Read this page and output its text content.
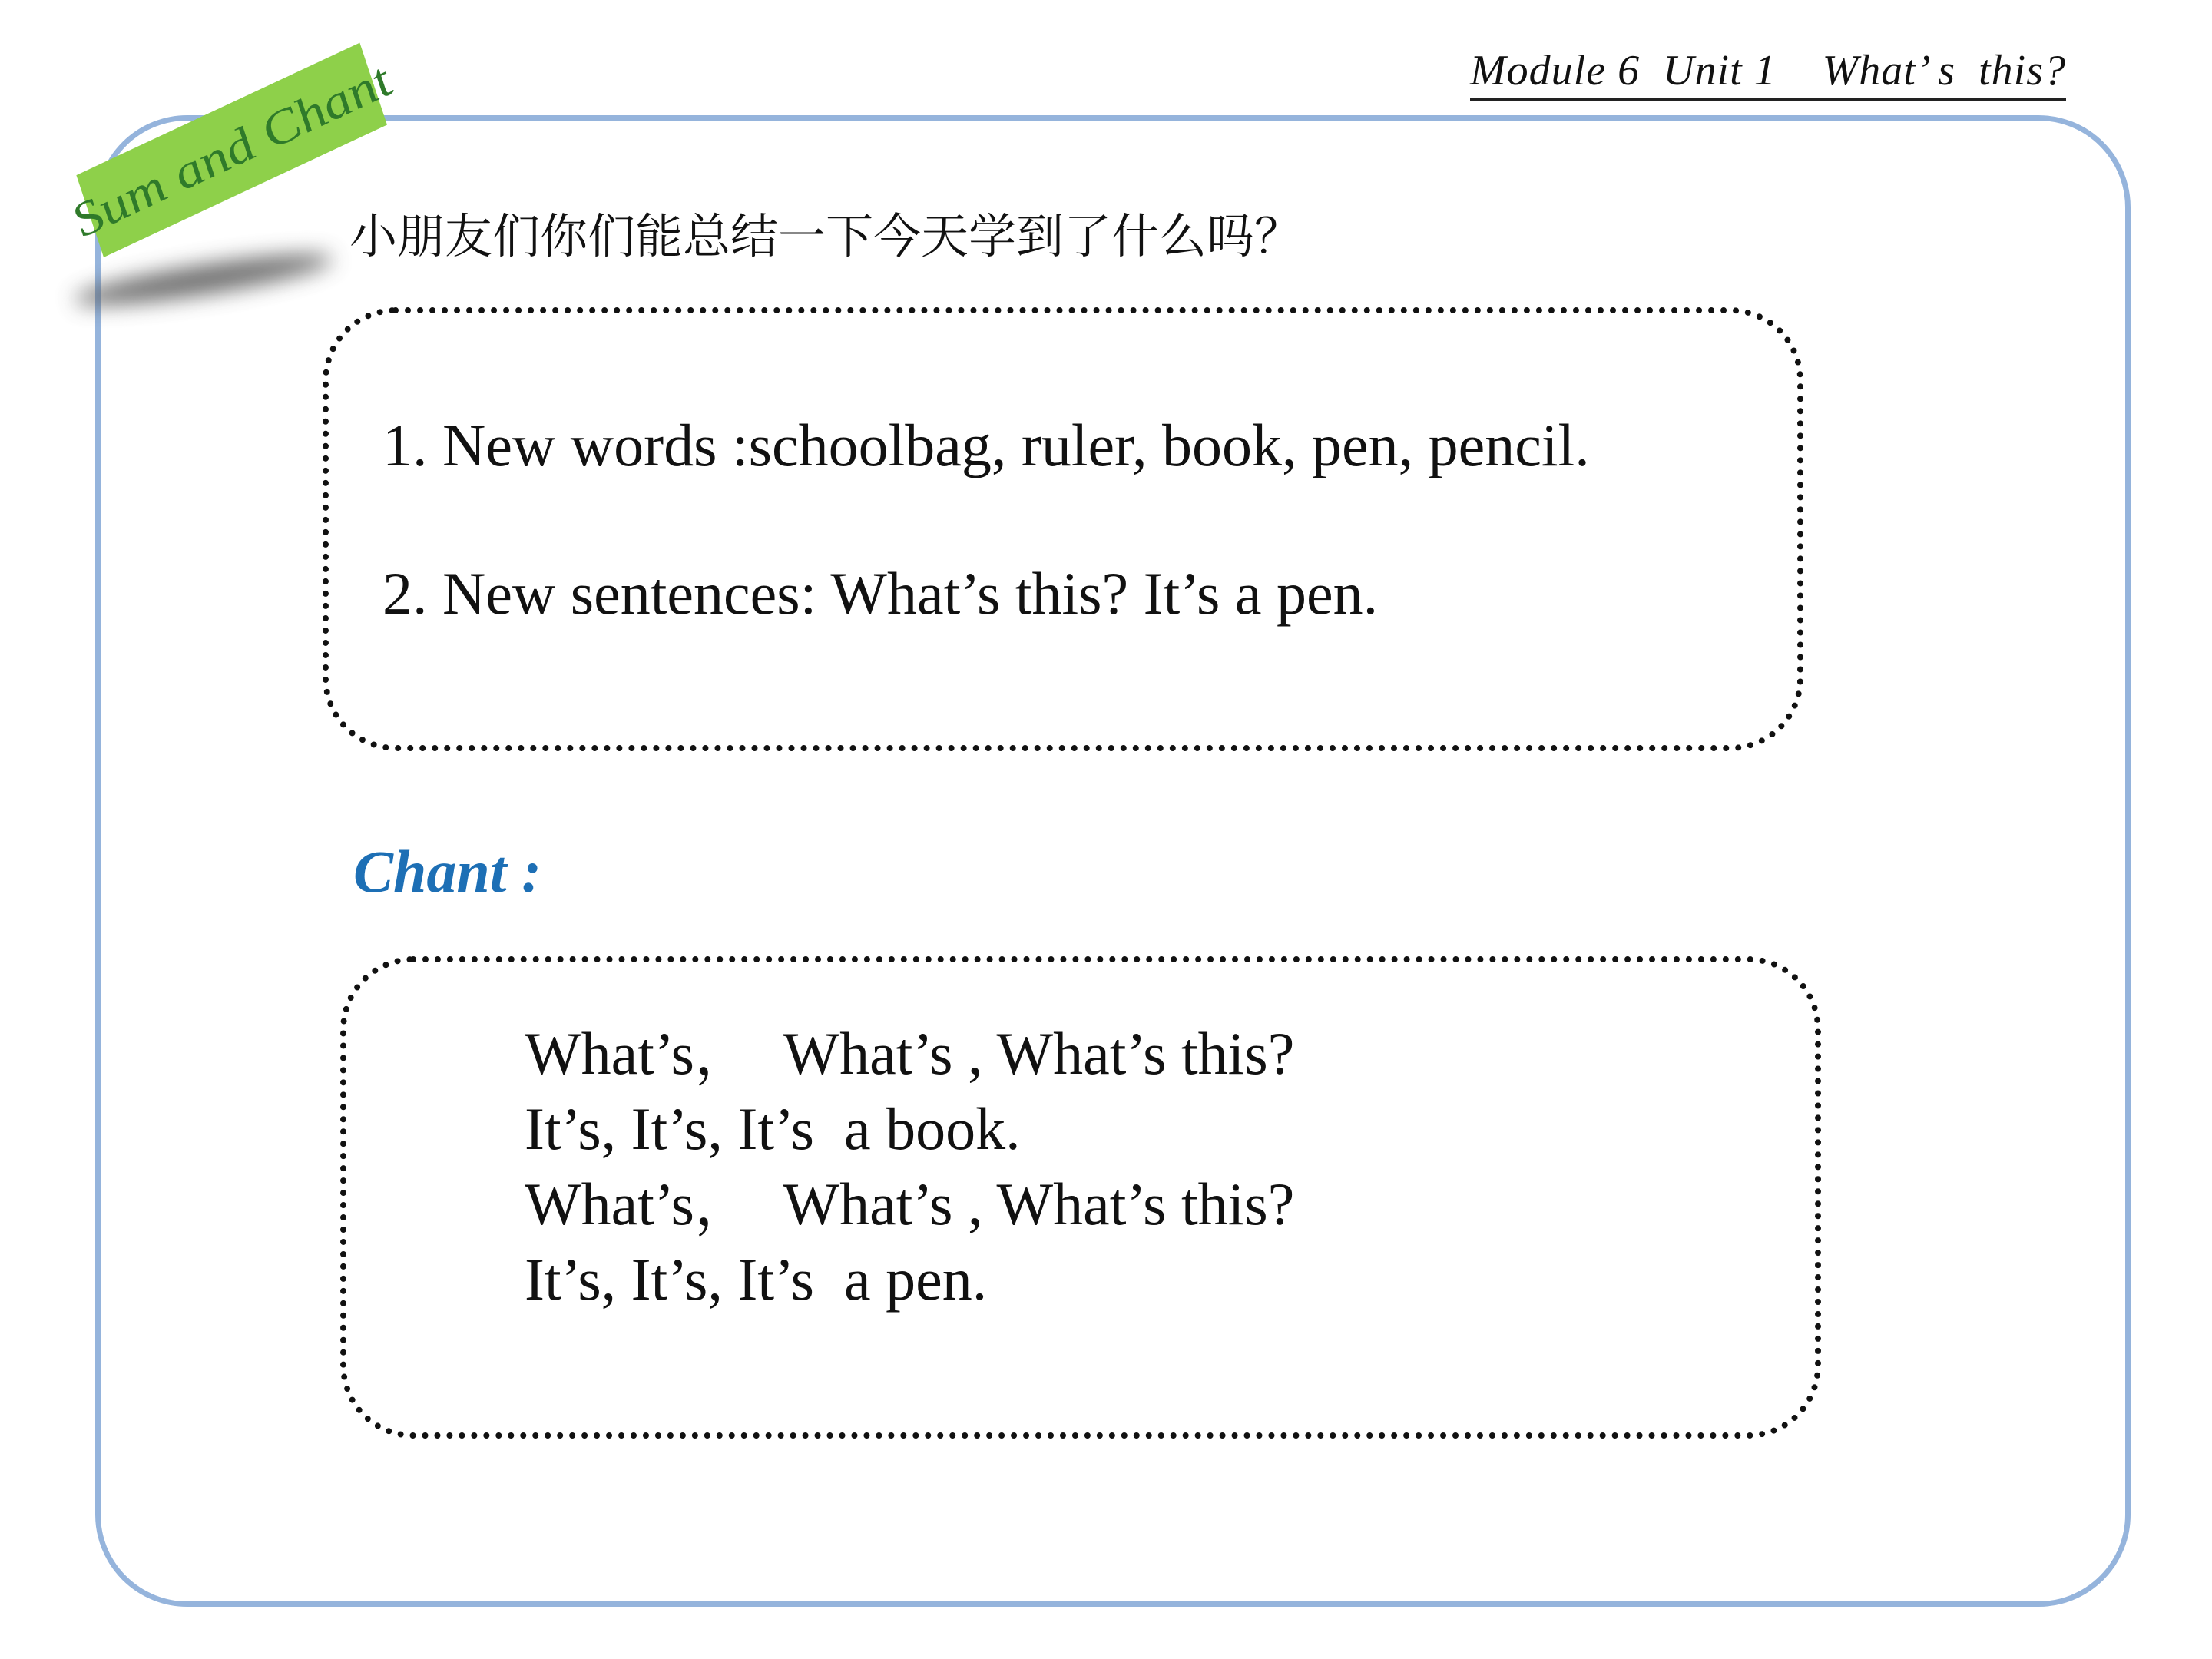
Module 6  Unit 1    What’ s  this?
Sum and Chant
小朋友们你们能总结一下今天学到了什么吗？
1. New words :schoolbag, ruler, book, pen, pencil.
2. New sentences: What’s this? It’s a pen.
Chant :

What’s，  What’s , What’s this?

It’s, It’s, It’s  a book.

What’s，  What’s , What’s this?

It’s, It’s, It’s  a pen.
